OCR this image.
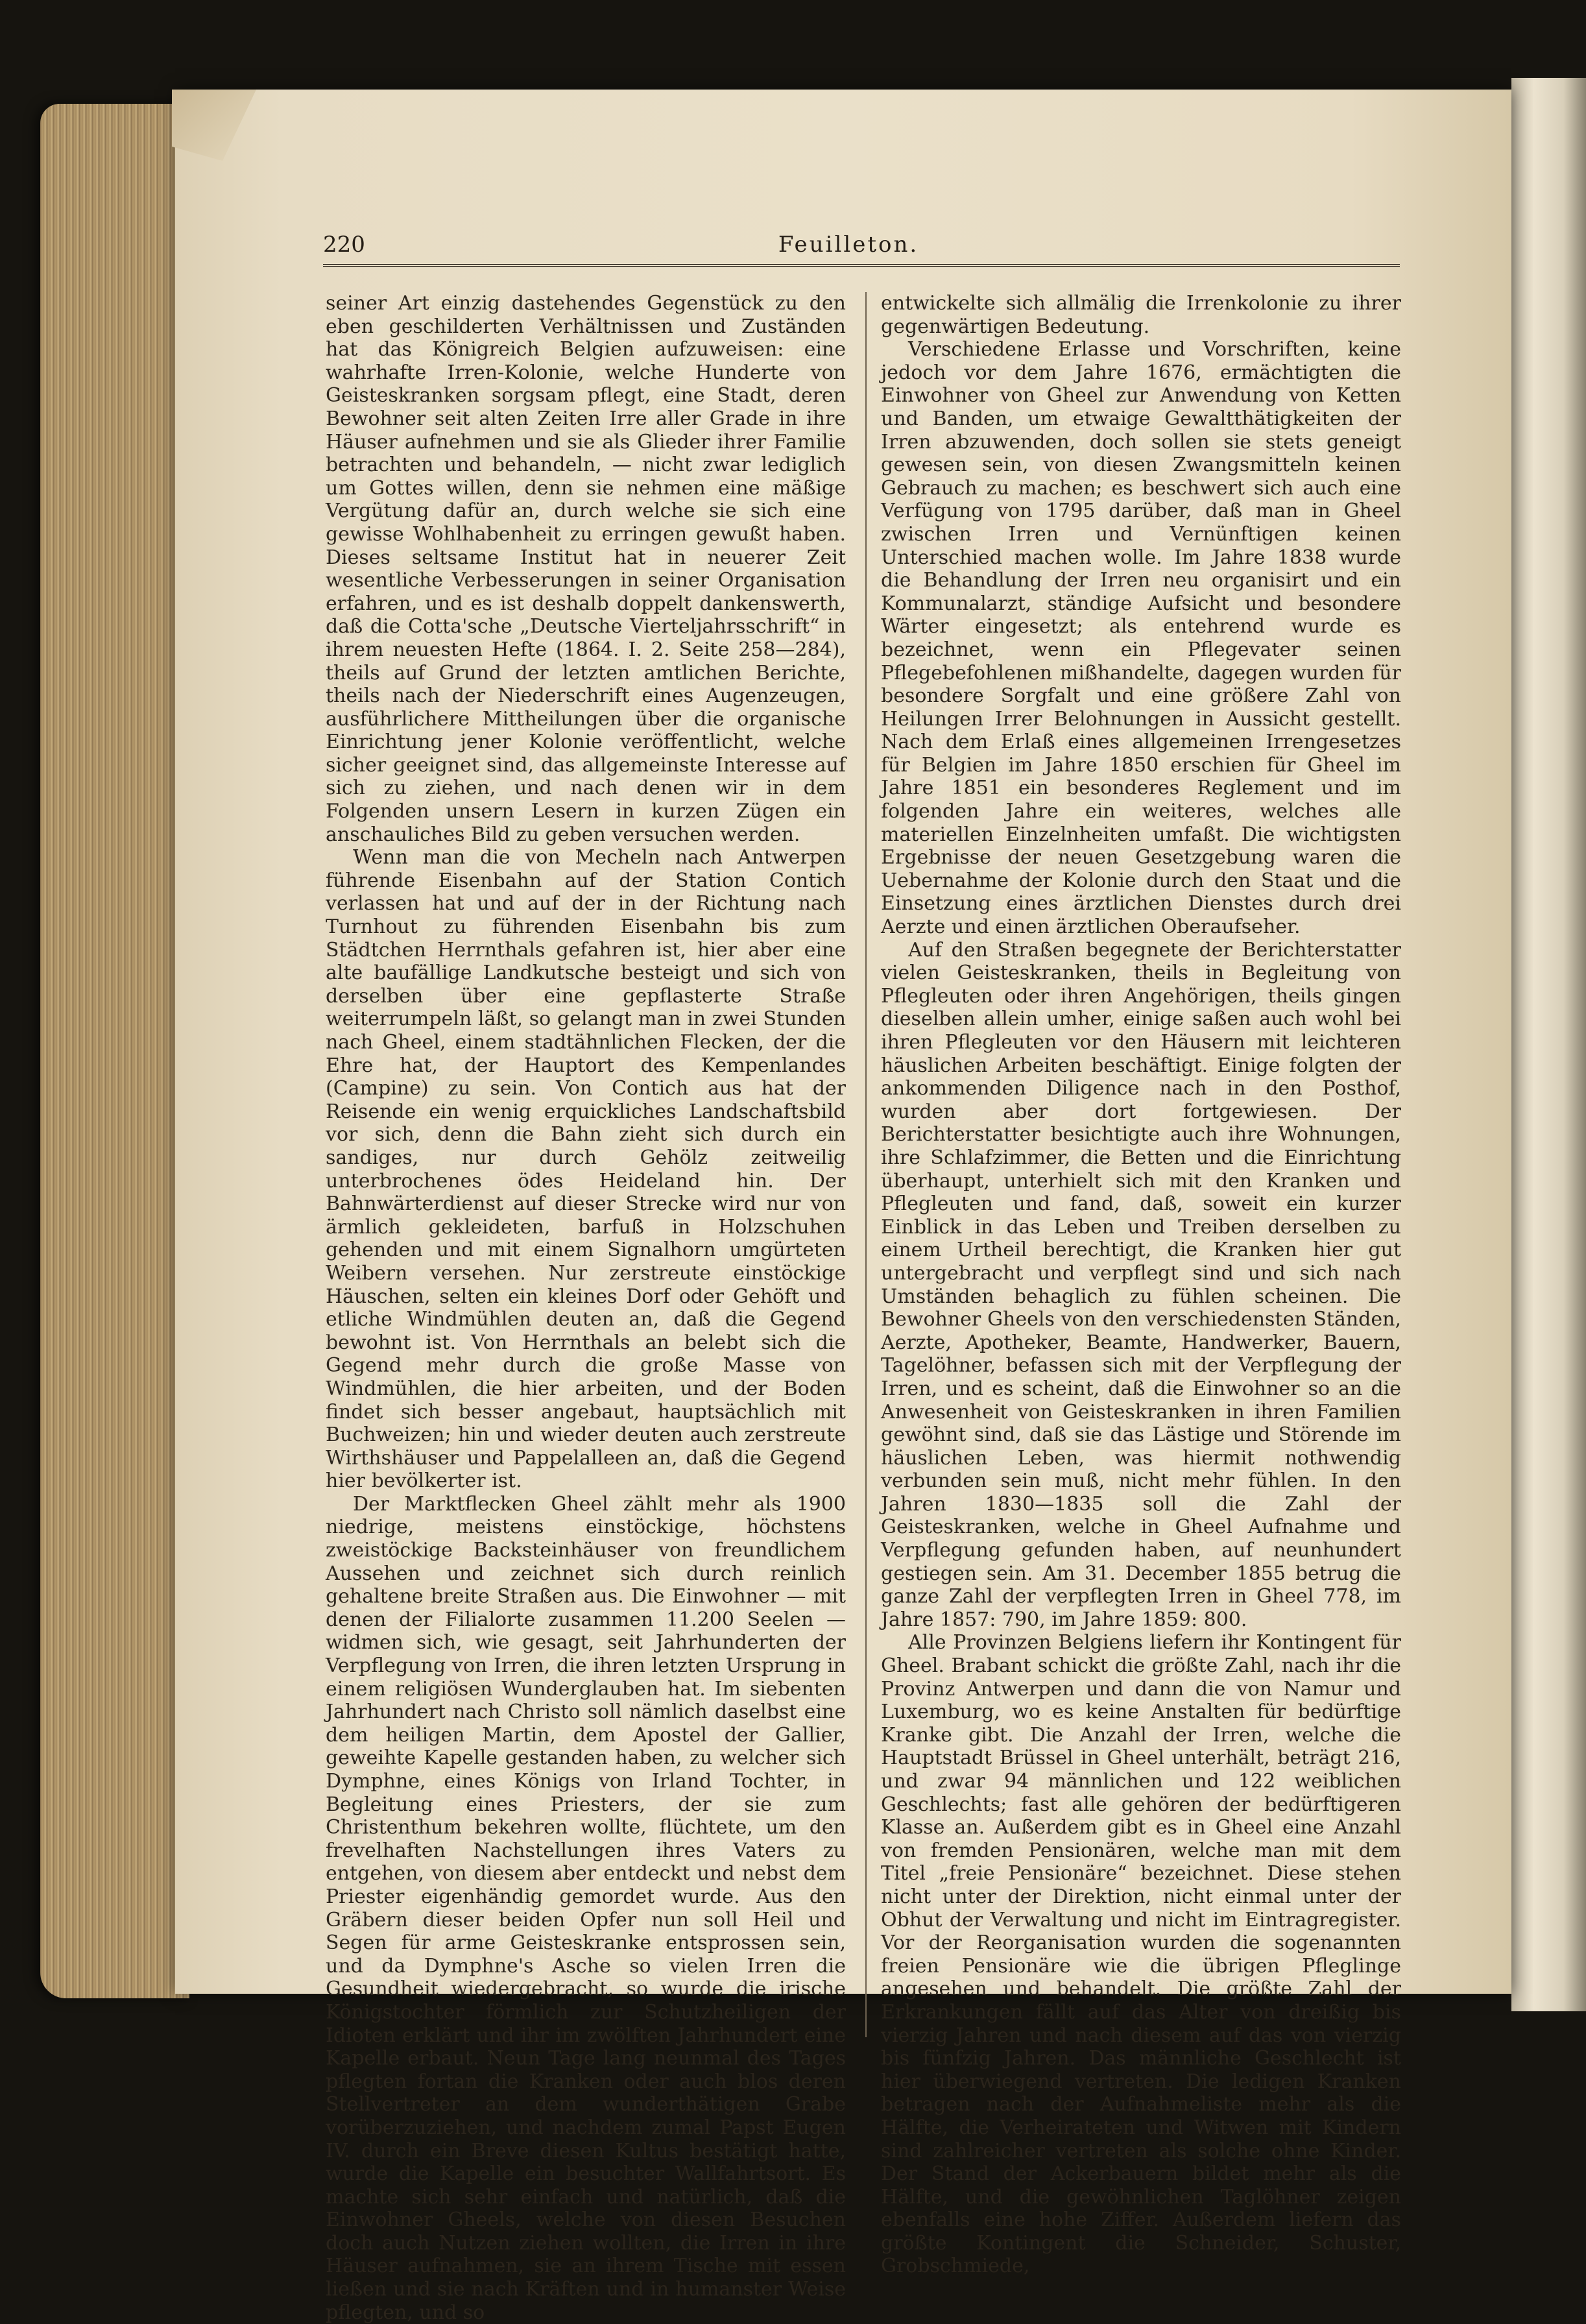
220	Feuilleton.

seiner Art einzig dastehendes Gegenstück zu den eben geschilderten Verhältnissen und Zuständen hat das Königreich Belgien aufzuweisen: eine wahrhafte Irren-Kolonie, welche Hunderte von Geisteskranken sorgsam pflegt, eine Stadt, deren Bewohner seit alten Zeiten Irre aller Grade in ihre Häuser aufnehmen und sie als Glieder ihrer Familie betrachten und behandeln, — nicht zwar lediglich um Gottes willen, denn sie nehmen eine mäßige Vergütung dafür an, durch welche sie sich eine gewisse Wohlhabenheit zu erringen gewußt haben. Dieses seltsame Institut hat in neuerer Zeit wesentliche Verbesserungen in seiner Organisation erfahren, und es ist deshalb doppelt dankenswerth, daß die Cotta'sche „Deutsche Vierteljahrsschrift“ in ihrem neuesten Hefte (1864. I. 2. Seite 258—284), theils auf Grund der letzten amtlichen Berichte, theils nach der Niederschrift eines Augenzeugen, ausführlichere Mittheilungen über die organische Einrichtung jener Kolonie veröffentlicht, welche sicher geeignet sind, das allgemeinste Interesse auf sich zu ziehen, und nach denen wir in dem Folgenden unsern Lesern in kurzen Zügen ein anschauliches Bild zu geben versuchen werden.

Wenn man die von Mecheln nach Antwerpen führende Eisenbahn auf der Station Contich verlassen hat und auf der in der Richtung nach Turnhout zu führenden Eisenbahn bis zum Städtchen Herrnthals gefahren ist, hier aber eine alte baufällige Landkutsche besteigt und sich von derselben über eine gepflasterte Straße weiterrumpeln läßt, so gelangt man in zwei Stunden nach Gheel, einem stadtähnlichen Flecken, der die Ehre hat, der Hauptort des Kempenlandes (Campine) zu sein. Von Contich aus hat der Reisende ein wenig erquickliches Landschaftsbild vor sich, denn die Bahn zieht sich durch ein sandiges, nur durch Gehölz zeitweilig unterbrochenes ödes Heideland hin. Der Bahnwärterdienst auf dieser Strecke wird nur von ärmlich gekleideten, barfuß in Holzschuhen gehenden und mit einem Signalhorn umgürteten Weibern versehen. Nur zerstreute einstöckige Häuschen, selten ein kleines Dorf oder Gehöft und etliche Windmühlen deuten an, daß die Gegend bewohnt ist. Von Herrnthals an belebt sich die Gegend mehr durch die große Masse von Windmühlen, die hier arbeiten, und der Boden findet sich besser angebaut, hauptsächlich mit Buchweizen; hin und wieder deuten auch zerstreute Wirthshäuser und Pappelalleen an, daß die Gegend hier bevölkerter ist.

Der Marktflecken Gheel zählt mehr als 1900 niedrige, meistens einstöckige, höchstens zweistöckige Backsteinhäuser von freundlichem Aussehen und zeichnet sich durch reinlich gehaltene breite Straßen aus. Die Einwohner — mit denen der Filialorte zusammen 11.200 Seelen — widmen sich, wie gesagt, seit Jahrhunderten der Verpflegung von Irren, die ihren letzten Ursprung in einem religiösen Wunderglauben hat. Im siebenten Jahrhundert nach Christo soll nämlich daselbst eine dem heiligen Martin, dem Apostel der Gallier, geweihte Kapelle gestanden haben, zu welcher sich Dymphne, eines Königs von Irland Tochter, in Begleitung eines Priesters, der sie zum Christenthum bekehren wollte, flüchtete, um den frevelhaften Nachstellungen ihres Vaters zu entgehen, von diesem aber entdeckt und nebst dem Priester eigenhändig gemordet wurde. Aus den Gräbern dieser beiden Opfer nun soll Heil und Segen für arme Geisteskranke entsprossen sein, und da Dymphne's Asche so vielen Irren die Gesundheit wiedergebracht, so wurde die irische Königstochter förmlich zur Schutzheiligen der Idioten erklärt und ihr im zwölften Jahrhundert eine Kapelle erbaut. Neun Tage lang neunmal des Tages pflegten fortan die Kranken oder auch blos deren Stellvertreter an dem wunderthätigen Grabe vorüberzuziehen, und nachdem zumal Papst Eugen IV. durch ein Breve diesen Kultus bestätigt hatte, wurde die Kapelle ein besuchter Wallfahrtsort. Es machte sich sehr einfach und natürlich, daß die Einwohner Gheels, welche von diesen Besuchen doch auch Nutzen ziehen wollten, die Irren in ihre Häuser aufnahmen, sie an ihrem Tische mit essen ließen und sie nach Kräften und in humanster Weise pflegten, und so

entwickelte sich allmälig die Irrenkolonie zu ihrer gegenwärtigen Bedeutung.

Verschiedene Erlasse und Vorschriften, keine jedoch vor dem Jahre 1676, ermächtigten die Einwohner von Gheel zur Anwendung von Ketten und Banden, um etwaige Gewaltthätigkeiten der Irren abzuwenden, doch sollen sie stets geneigt gewesen sein, von diesen Zwangsmitteln keinen Gebrauch zu machen; es beschwert sich auch eine Verfügung von 1795 darüber, daß man in Gheel zwischen Irren und Vernünftigen keinen Unterschied machen wolle. Im Jahre 1838 wurde die Behandlung der Irren neu organisirt und ein Kommunalarzt, ständige Aufsicht und besondere Wärter eingesetzt; als entehrend wurde es bezeichnet, wenn ein Pflegevater seinen Pflegebefohlenen mißhandelte, dagegen wurden für besondere Sorgfalt und eine größere Zahl von Heilungen Irrer Belohnungen in Aussicht gestellt. Nach dem Erlaß eines allgemeinen Irrengesetzes für Belgien im Jahre 1850 erschien für Gheel im Jahre 1851 ein besonderes Reglement und im folgenden Jahre ein weiteres, welches alle materiellen Einzelnheiten umfaßt. Die wichtigsten Ergebnisse der neuen Gesetzgebung waren die Uebernahme der Kolonie durch den Staat und die Einsetzung eines ärztlichen Dienstes durch drei Aerzte und einen ärztlichen Oberaufseher.

Auf den Straßen begegnete der Berichterstatter vielen Geisteskranken, theils in Begleitung von Pflegleuten oder ihren Angehörigen, theils gingen dieselben allein umher, einige saßen auch wohl bei ihren Pflegleuten vor den Häusern mit leichteren häuslichen Arbeiten beschäftigt. Einige folgten der ankommenden Diligence nach in den Posthof, wurden aber dort fortgewiesen. Der Berichterstatter besichtigte auch ihre Wohnungen, ihre Schlafzimmer, die Betten und die Einrichtung überhaupt, unterhielt sich mit den Kranken und Pflegleuten und fand, daß, soweit ein kurzer Einblick in das Leben und Treiben derselben zu einem Urtheil berechtigt, die Kranken hier gut untergebracht und verpflegt sind und sich nach Umständen behaglich zu fühlen scheinen. Die Bewohner Gheels von den verschiedensten Ständen, Aerzte, Apotheker, Beamte, Handwerker, Bauern, Tagelöhner, befassen sich mit der Verpflegung der Irren, und es scheint, daß die Einwohner so an die Anwesenheit von Geisteskranken in ihren Familien gewöhnt sind, daß sie das Lästige und Störende im häuslichen Leben, was hiermit nothwendig verbunden sein muß, nicht mehr fühlen. In den Jahren 1830—1835 soll die Zahl der Geisteskranken, welche in Gheel Aufnahme und Verpflegung gefunden haben, auf neunhundert gestiegen sein. Am 31. December 1855 betrug die ganze Zahl der verpflegten Irren in Gheel 778, im Jahre 1857: 790, im Jahre 1859: 800.

Alle Provinzen Belgiens liefern ihr Kontingent für Gheel. Brabant schickt die größte Zahl, nach ihr die Provinz Antwerpen und dann die von Namur und Luxemburg, wo es keine Anstalten für bedürftige Kranke gibt. Die Anzahl der Irren, welche die Hauptstadt Brüssel in Gheel unterhält, beträgt 216, und zwar 94 männlichen und 122 weiblichen Geschlechts; fast alle gehören der bedürftigeren Klasse an. Außerdem gibt es in Gheel eine Anzahl von fremden Pensionären, welche man mit dem Titel „freie Pensionäre“ bezeichnet. Diese stehen nicht unter der Direktion, nicht einmal unter der Obhut der Verwaltung und nicht im Eintragregister. Vor der Reorganisation wurden die sogenannten freien Pensionäre wie die übrigen Pfleglinge angesehen und behandelt. Die größte Zahl der Erkrankungen fällt auf das Alter von dreißig bis vierzig Jahren und nach diesem auf das von vierzig bis fünfzig Jahren. Das männliche Geschlecht ist hier überwiegend vertreten. Die ledigen Kranken betragen nach der Aufnahmeliste mehr als die Hälfte, die Verheirateten und Witwen mit Kindern sind zahlreicher vertreten als solche ohne Kinder. Der Stand der Ackerbauern bildet mehr als die Hälfte, und die gewöhnlichen Taglöhner zeigen ebenfalls eine hohe Ziffer. Außerdem liefern das größte Kontingent die Schneider, Schuster, Grobschmiede,
